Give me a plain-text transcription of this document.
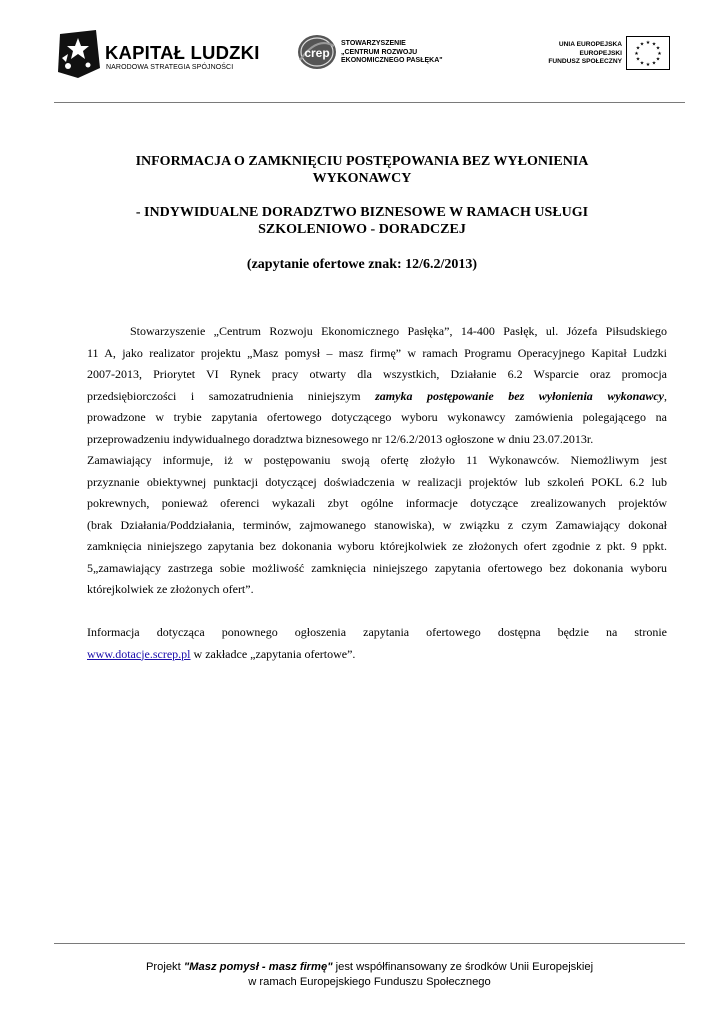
KAPITAŁ LUDZKI
NARODOWA STRATEGIA SPÓJNOŚCI
crep
STOWARZYSZENIE
„CENTRUM ROZWOJU
EKONOMICZNEGO PASŁĘKA"
UNIA EUROPEJSKA
EUROPEJSKI
FUNDUSZ SPOŁECZNY
★ ★
★
★
★
★
★
★
★
★
★
★
INFORMACJA O ZAMKNIĘCIU POSTĘPOWANIA BEZ WYŁONIENIA
WYKONAWCY
- INDYWIDUALNE DORADZTWO BIZNESOWE W RAMACH USŁUGI
SZKOLENIOWO - DORADCZEJ
(zapytanie ofertowe znak: 12/6.2/2013)
Stowarzyszenie „Centrum Rozwoju Ekonomicznego Pasłęka”, 14-400 Pasłęk, ul. Józefa Piłsudskiego
11 A, jako realizator projektu „Masz pomysł – masz firmę” w ramach Programu Operacyjnego Kapitał Ludzki
2007-2013, Priorytet VI Rynek pracy otwarty dla wszystkich, Działanie 6.2 Wsparcie oraz promocja
przedsiębiorczości i samozatrudnienia niniejszym zamyka postępowanie bez wyłonienia wykonawcy,
prowadzone w trybie zapytania ofertowego dotyczącego wyboru wykonawcy zamówienia polegającego na
przeprowadzeniu indywidualnego doradztwa biznesowego nr 12/6.2/2013 ogłoszone w dniu 23.07.2013r.
Zamawiający informuje, iż w postępowaniu swoją ofertę złożyło 11 Wykonawców. Niemożliwym jest
przyznanie obiektywnej punktacji dotyczącej doświadczenia w realizacji projektów lub szkoleń POKL 6.2 lub
pokrewnych, ponieważ oferenci wykazali zbyt ogólne informacje dotyczące zrealizowanych projektów
(brak Działania/Poddziałania, terminów, zajmowanego stanowiska), w związku z czym Zamawiający dokonał
zamknięcia niniejszego zapytania bez dokonania wyboru którejkolwiek ze złożonych ofert zgodnie z pkt. 9 ppkt.
5„zamawiający zastrzega sobie możliwość zamknięcia niniejszego zapytania ofertowego bez dokonania wyboru
którejkolwiek ze złożonych ofert”.
Informacja dotycząca ponownego ogłoszenia zapytania ofertowego dostępna będzie na stronie
www.dotacje.screp.pl w zakładce „zapytania ofertowe”.
Projekt "Masz pomysł - masz firmę" jest współfinansowany ze środków Unii Europejskiej
w ramach Europejskiego Funduszu Społecznego
